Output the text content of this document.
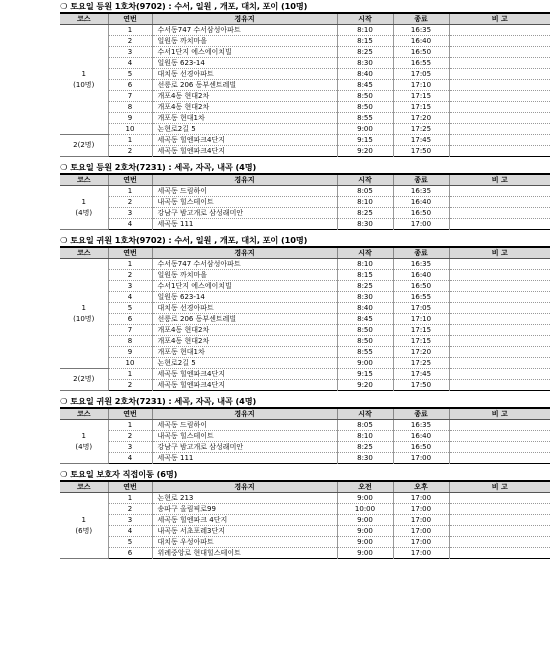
❍ 토요일 등원 1호차(9702) : 수서, 일원 , 개포, 대치, 포이 (10명)
코스	연번	경유지	시작	종료	비 고

1
(10명)	1	수서동747 수서삼성아파트	8:10	16:35	
	2	일원동 까치마을	8:15	16:40	
	3	수서1단지 에스에이치빌	8:25	16:50	
	4	일원동 623-14	8:30	16:55	
	5	대치동 선경아파트	8:40	17:05	
	6	선릉로 206 동부센트레빌	8:45	17:10	
	7	개포4동 현대2차	8:50	17:15	
	8	개포4동 현대2차	8:50	17:15	
	9	개포동 현대1차	8:55	17:20	
	10	논현로2길 5	9:00	17:25	

2(2명)	1	세곡동 힐엔파크4단지	9:15	17:45	
	2	세곡동 힐엔파크4단지	9:20	17:50	
❍ 토요일 등원 2호차(7231) : 세곡, 자곡, 내곡 (4명)
코스	연번	경유지	시작	종료	비 고

1
(4명)	1	세곡동 드림하이	8:05	16:35	
	2	내곡동 힐스테이트	8:10	16:40	
	3	강남구 밤고개로 삼성래미안	8:25	16:50	
	4	세곡동 111	8:30	17:00	
❍ 토요일 귀원 1호차(9702) : 수서, 일원 , 개포, 대치, 포이 (10명)
코스	연번	경유지	시작	종료	비 고

1
(10명)	1	수서동747 수서삼성아파트	8:10	16:35	
	2	일원동 까치마을	8:15	16:40	
	3	수서1단지 에스에이치빌	8:25	16:50	
	4	일원동 623-14	8:30	16:55	
	5	대치동 선경아파트	8:40	17:05	
	6	선릉로 206 동부센트레빌	8:45	17:10	
	7	개포4동 현대2차	8:50	17:15	
	8	개포4동 현대2차	8:50	17:15	
	9	개포동 현대1차	8:55	17:20	
	10	논현로2길 5	9:00	17:25	

2(2명)	1	세곡동 힐엔파크4단지	9:15	17:45	
	2	세곡동 힐엔파크4단지	9:20	17:50	
❍ 토요일 귀원 2호차(7231) : 세곡, 자곡, 내곡 (4명)
코스	연번	경유지	시작	종료	비 고

1
(4명)	1	세곡동 드림하이	8:05	16:35	
	2	내곡동 힐스테이트	8:10	16:40	
	3	강남구 밤고개로 삼성래미안	8:25	16:50	
	4	세곡동 111	8:30	17:00	
❍ 토요일 보호자 직접이동 (6명)
코스	연번	경유지	오전	오후	비 고

1
(6명)	1	논현로 213	9:00	17:00	
	2	송파구 올림픽로99	10:00	17:00	
	3	세곡동 힐엔파크 4단지	9:00	17:00	
	4	내곡동 서초포레3단지	9:00	17:00	
	5	대치동 우성아파트	9:00	17:00	
	6	위례중앙로 현대힐스테이트	9:00	17:00	
